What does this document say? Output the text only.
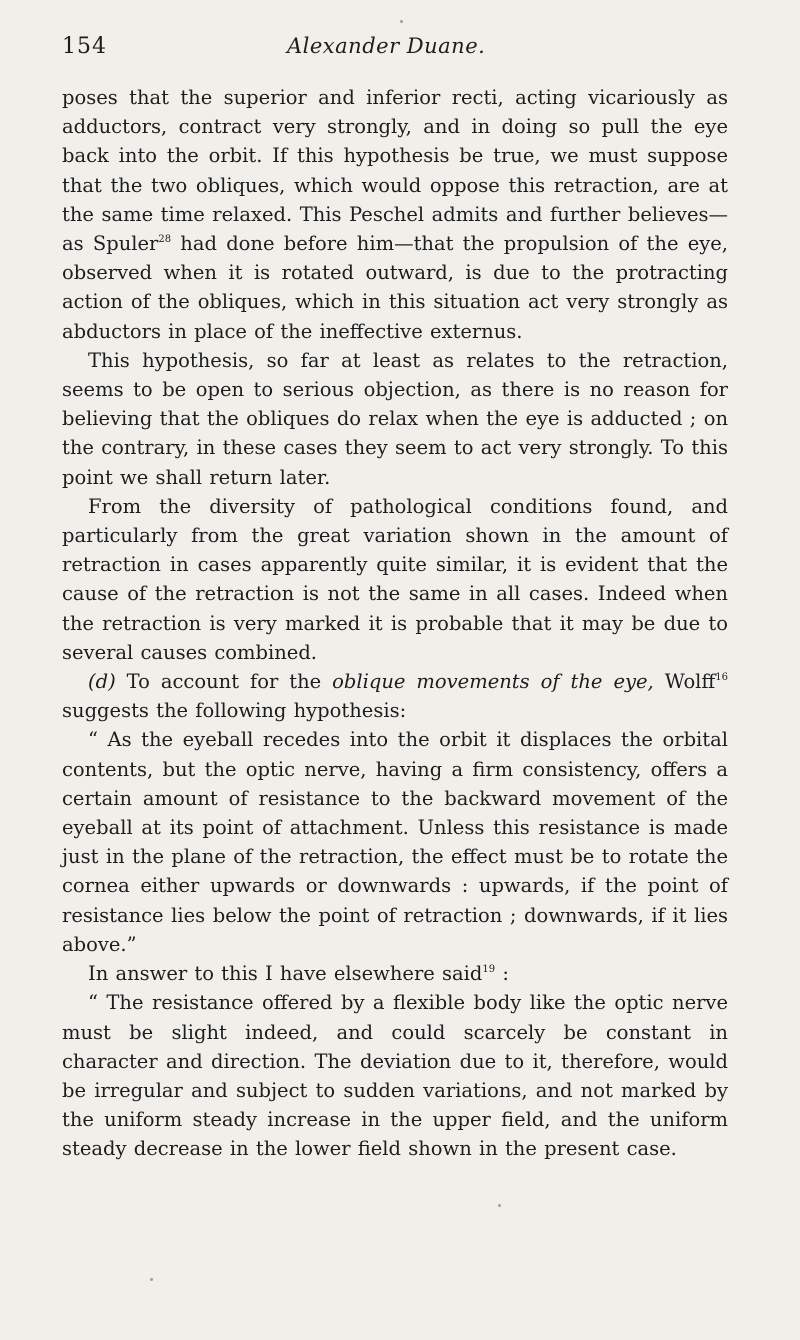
154	Alexander Duane.

poses that the superior and inferior recti, acting vicariously as adductors, contract very strongly, and in doing so pull the eye back into the orbit. If this hypothesis be true, we must suppose that the two obliques, which would oppose this retraction, are at the same time relaxed. This Peschel admits and further believes—as Spuler$^{28}$ had done before him—that the propulsion of the eye, observed when it is rotated outward, is due to the protracting action of the obliques, which in this situation act very strongly as abductors in place of the ineffective externus.

This hypothesis, so far at least as relates to the retraction, seems to be open to serious objection, as there is no reason for believing that the obliques do relax when the eye is adducted ; on the contrary, in these cases they seem to act very strongly. To this point we shall return later.

From the diversity of pathological conditions found, and particularly from the great variation shown in the amount of retraction in cases apparently quite similar, it is evident that the cause of the retraction is not the same in all cases. Indeed when the retraction is very marked it is probable that it may be due to several causes combined.

(d) To account for the oblique movements of the eye, Wolff$^{16}$ suggests the following hypothesis:

“ As the eyeball recedes into the orbit it displaces the orbital contents, but the optic nerve, having a firm consistency, offers a certain amount of resistance to the backward movement of the eyeball at its point of attachment. Unless this resistance is made just in the plane of the retraction, the effect must be to rotate the cornea either upwards or downwards : upwards, if the point of resistance lies below the point of retraction ; downwards, if it lies above.”

In answer to this I have elsewhere said$^{19}$ :

“ The resistance offered by a flexible body like the optic nerve must be slight indeed, and could scarcely be constant in character and direction. The deviation due to it, therefore, would be irregular and subject to sudden variations, and not marked by the uniform steady increase in the upper field, and the uniform steady decrease in the lower field shown in the present case.
